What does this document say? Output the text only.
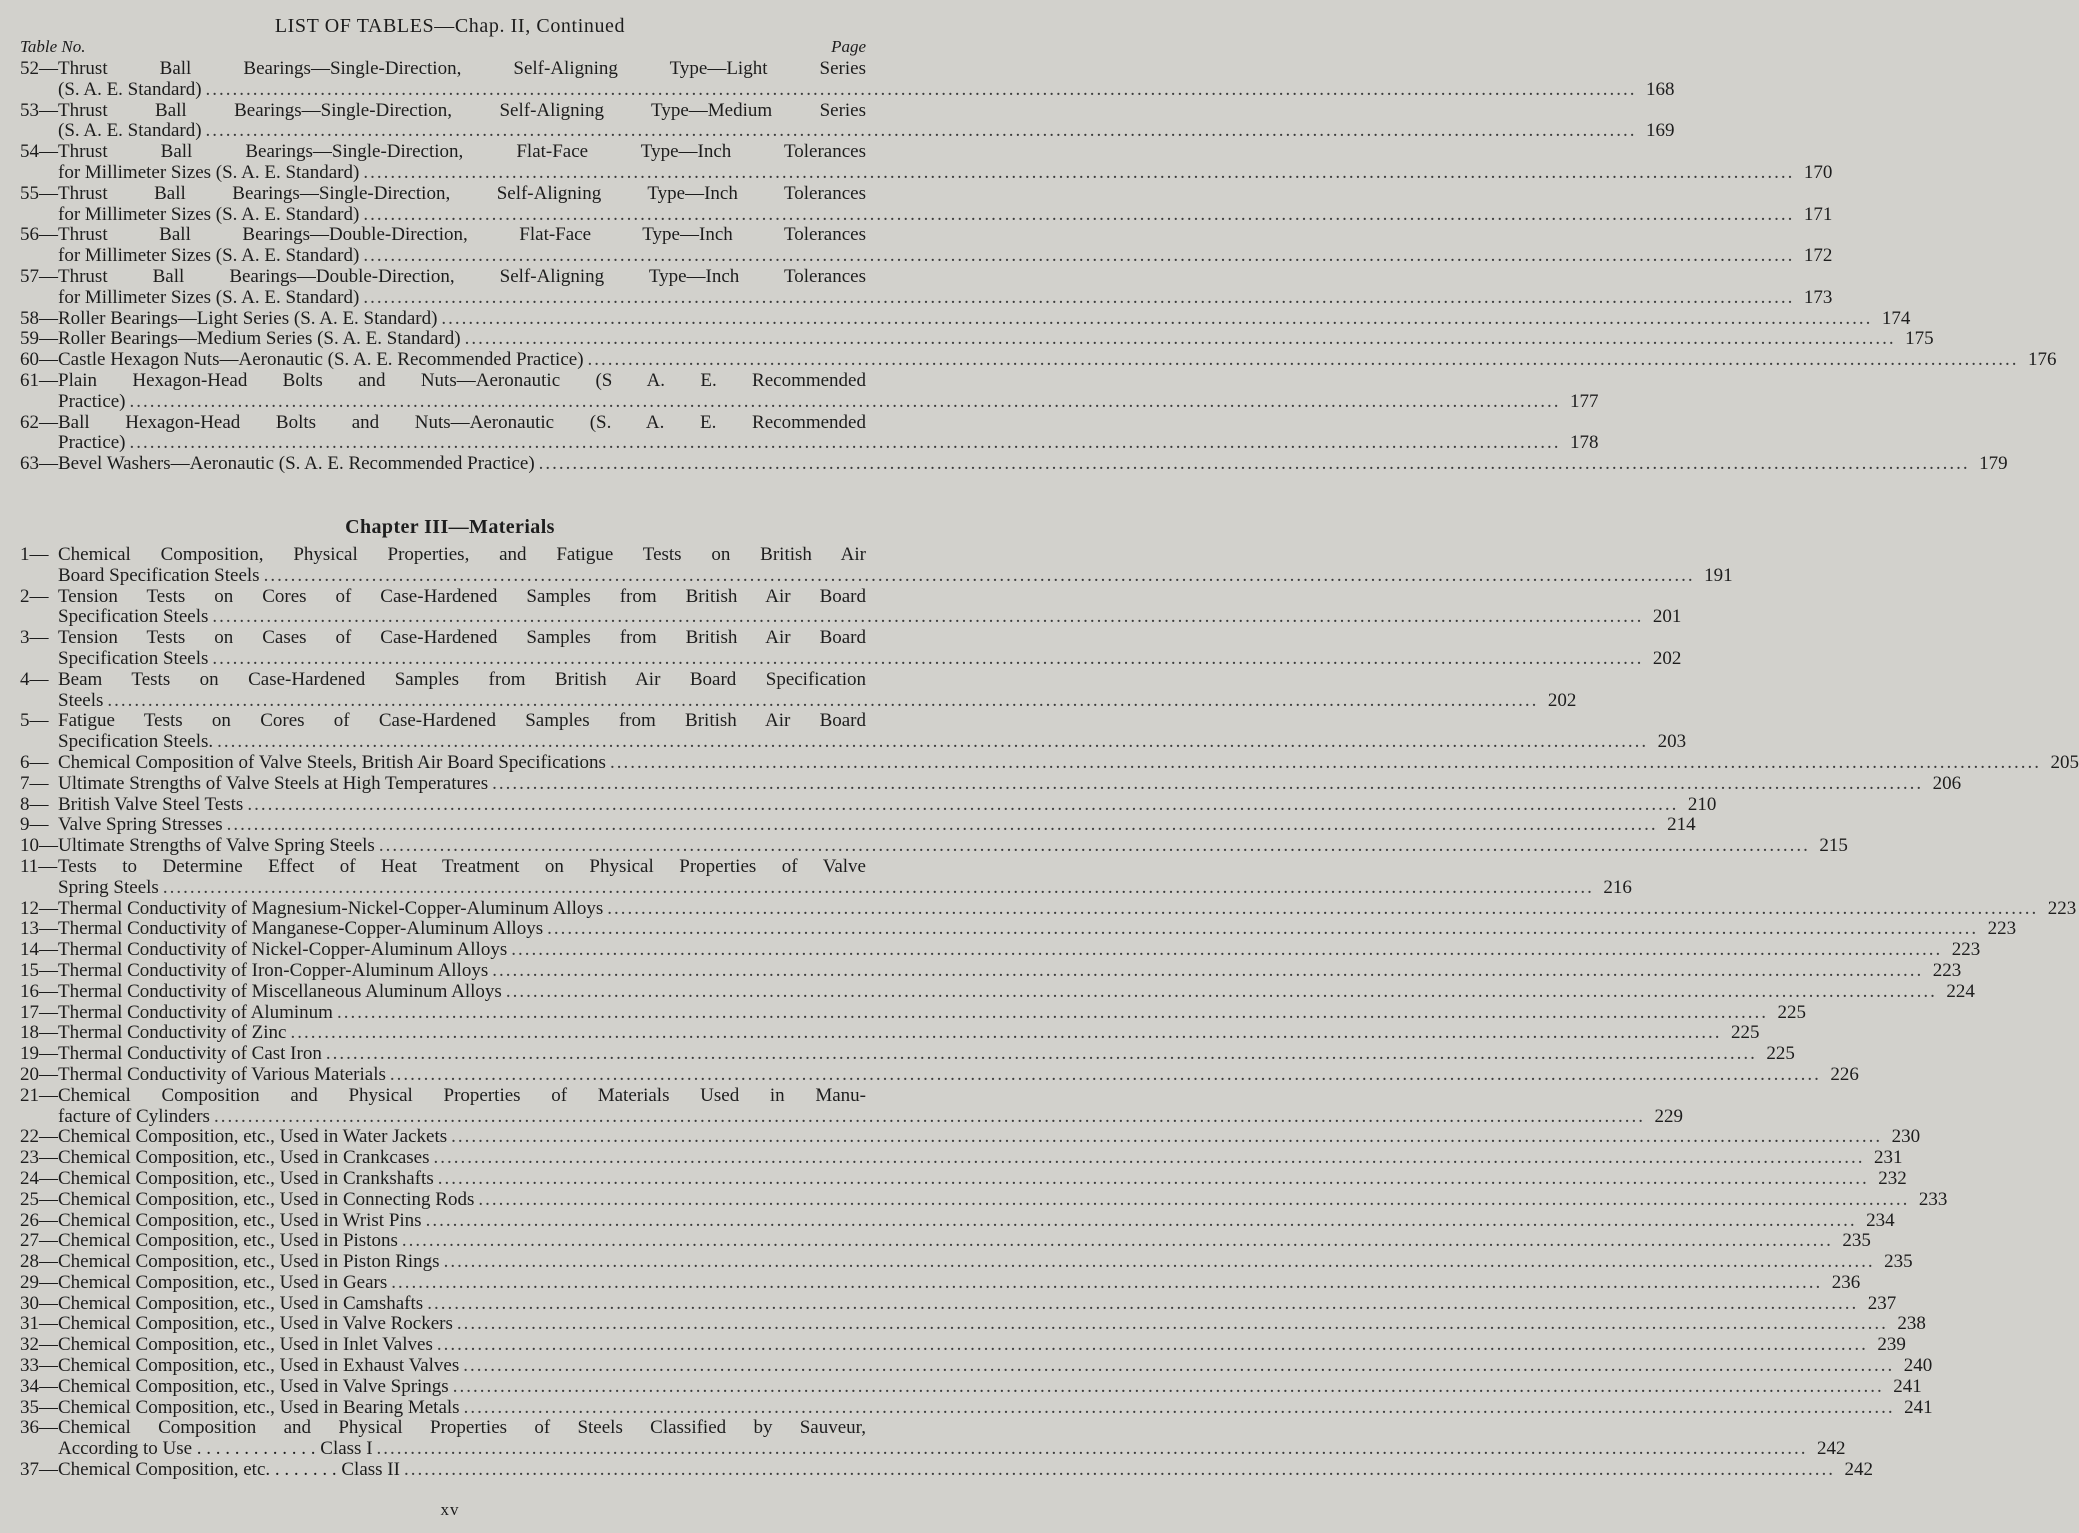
LIST OF TABLES—Chap. II, Continued
Table No.	Page
52— Thrust Ball Bearings—Single-Direction, Self-Aligning Type—Light Series
(S. A. E. Standard) .....	168
53— Thrust Ball Bearings—Single-Direction, Self-Aligning Type—Medium Series
(S. A. E. Standard) .....	169
54— Thrust Ball Bearings—Single-Direction, Flat-Face Type—Inch Tolerances
for Millimeter Sizes (S. A. E. Standard) .....	170
55— Thrust Ball Bearings—Single-Direction, Self-Aligning Type—Inch Tolerances
for Millimeter Sizes (S. A. E. Standard) .....	171
56— Thrust Ball Bearings—Double-Direction, Flat-Face Type—Inch Tolerances
for Millimeter Sizes (S. A. E. Standard) .....	172
57— Thrust Ball Bearings—Double-Direction, Self-Aligning Type—Inch Tolerances
for Millimeter Sizes (S. A. E. Standard) .....	173
58— Roller Bearings—Light Series (S. A. E. Standard) .....	174
59— Roller Bearings—Medium Series (S. A. E. Standard) .....	175
60— Castle Hexagon Nuts—Aeronautic (S. A. E. Recommended Practice) .....	176
61— Plain Hexagon-Head Bolts and Nuts—Aeronautic (S A. E. Recommended
Practice) .....	177
62— Ball Hexagon-Head Bolts and Nuts—Aeronautic (S. A. E. Recommended
Practice) .....	178
63— Bevel Washers—Aeronautic (S. A. E. Recommended Practice) .....	179
Chapter III—Materials
1— Chemical Composition, Physical Properties, and Fatigue Tests on British Air
Board Specification Steels .....	191
2— Tension Tests on Cores of Case-Hardened Samples from British Air Board
Specification Steels .....	201
3— Tension Tests on Cases of Case-Hardened Samples from British Air Board
Specification Steels .....	202
4— Beam Tests on Case-Hardened Samples from British Air Board Specification
Steels .....	202
5— Fatigue Tests on Cores of Case-Hardened Samples from British Air Board
Specification Steels. .....	203
6— Chemical Composition of Valve Steels, British Air Board Specifications .....	205
7— Ultimate Strengths of Valve Steels at High Temperatures .....	206
8— British Valve Steel Tests .....	210
9— Valve Spring Stresses .....	214
10— Ultimate Strengths of Valve Spring Steels .....	215
11— Tests to Determine Effect of Heat Treatment on Physical Properties of Valve
Spring Steels .....	216
12— Thermal Conductivity of Magnesium-Nickel-Copper-Aluminum Alloys .....	223
13— Thermal Conductivity of Manganese-Copper-Aluminum Alloys .....	223
14— Thermal Conductivity of Nickel-Copper-Aluminum Alloys .....	223
15— Thermal Conductivity of Iron-Copper-Aluminum Alloys .....	223
16— Thermal Conductivity of Miscellaneous Aluminum Alloys .....	224
17— Thermal Conductivity of Aluminum .....	225
18— Thermal Conductivity of Zinc .....	225
19— Thermal Conductivity of Cast Iron .....	225
20— Thermal Conductivity of Various Materials .....	226
21— Chemical Composition and Physical Properties of Materials Used in Manu-
facture of Cylinders .....	229
22— Chemical Composition, etc., Used in Water Jackets .....	230
23— Chemical Composition, etc., Used in Crankcases .....	231
24— Chemical Composition, etc., Used in Crankshafts .....	232
25— Chemical Composition, etc., Used in Connecting Rods .....	233
26— Chemical Composition, etc., Used in Wrist Pins .....	234
27— Chemical Composition, etc., Used in Pistons .....	235
28— Chemical Composition, etc., Used in Piston Rings .....	235
29— Chemical Composition, etc., Used in Gears .....	236
30— Chemical Composition, etc., Used in Camshafts .....	237
31— Chemical Composition, etc., Used in Valve Rockers .....	238
32— Chemical Composition, etc., Used in Inlet Valves .....	239
33— Chemical Composition, etc., Used in Exhaust Valves .....	240
34— Chemical Composition, etc., Used in Valve Springs .....	241
35— Chemical Composition, etc., Used in Bearing Metals .....	241
36— Chemical Composition and Physical Properties of Steels Classified by Sauveur,
According to Use . . . . . . . . . . . . . Class I .....	242
37— Chemical Composition, etc. . . . . . . . Class II .....	242
xv
